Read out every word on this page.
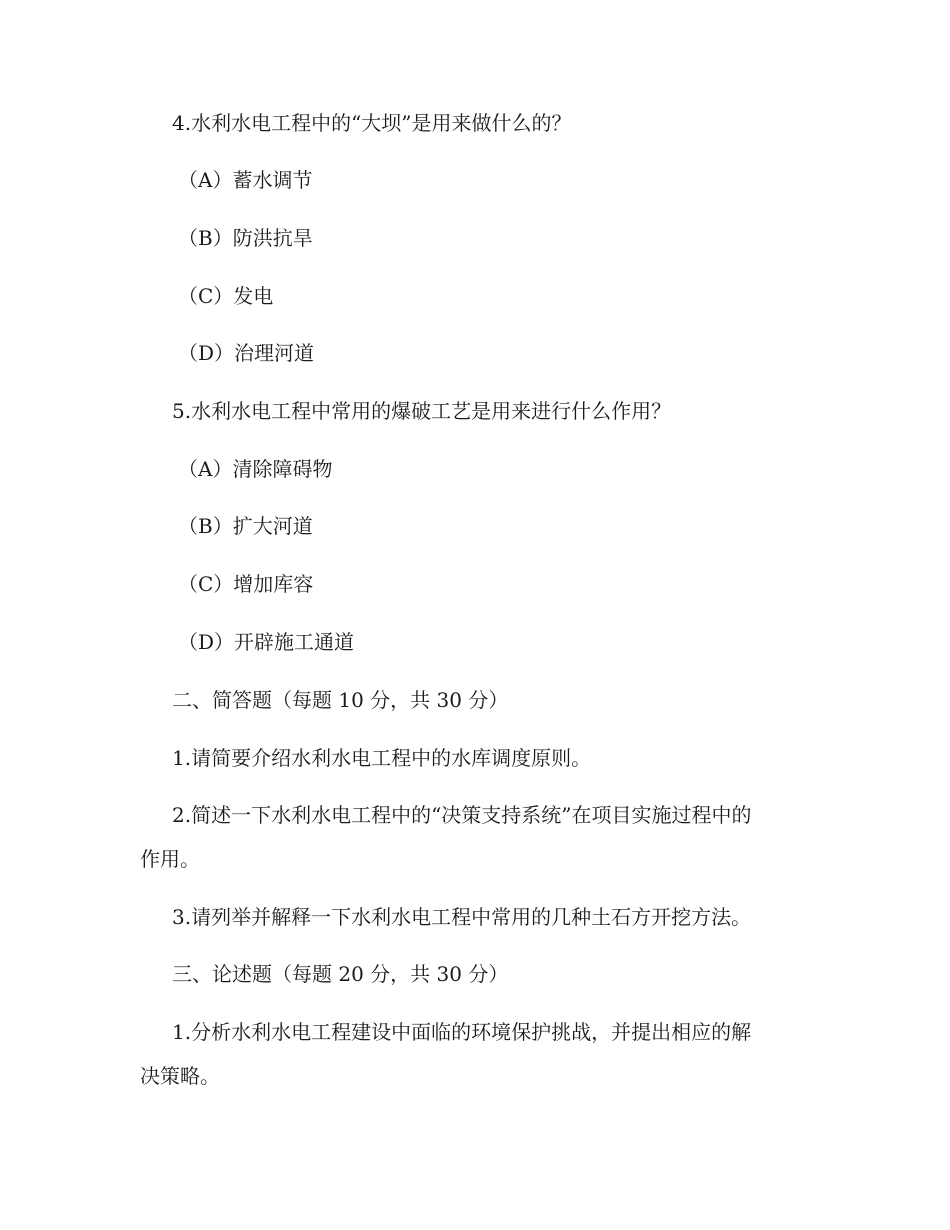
4.水利水电工程中的“大坝”是用来做什么的？
（A）蓄水调节
（B）防洪抗旱
（C）发电
（D）治理河道
5.水利水电工程中常用的爆破工艺是用来进行什么作用？
（A）清除障碍物
（B）扩大河道
（C）增加库容
（D）开辟施工通道
二、简答题（每题 10 分，共 30 分）
1.请简要介绍水利水电工程中的水库调度原则。
2.简述一下水利水电工程中的“决策支持系统”在项目实施过程中的
作用。
3.请列举并解释一下水利水电工程中常用的几种土石方开挖方法。
三、论述题（每题 20 分，共 30 分）
1.分析水利水电工程建设中面临的环境保护挑战，并提出相应的解
决策略。
